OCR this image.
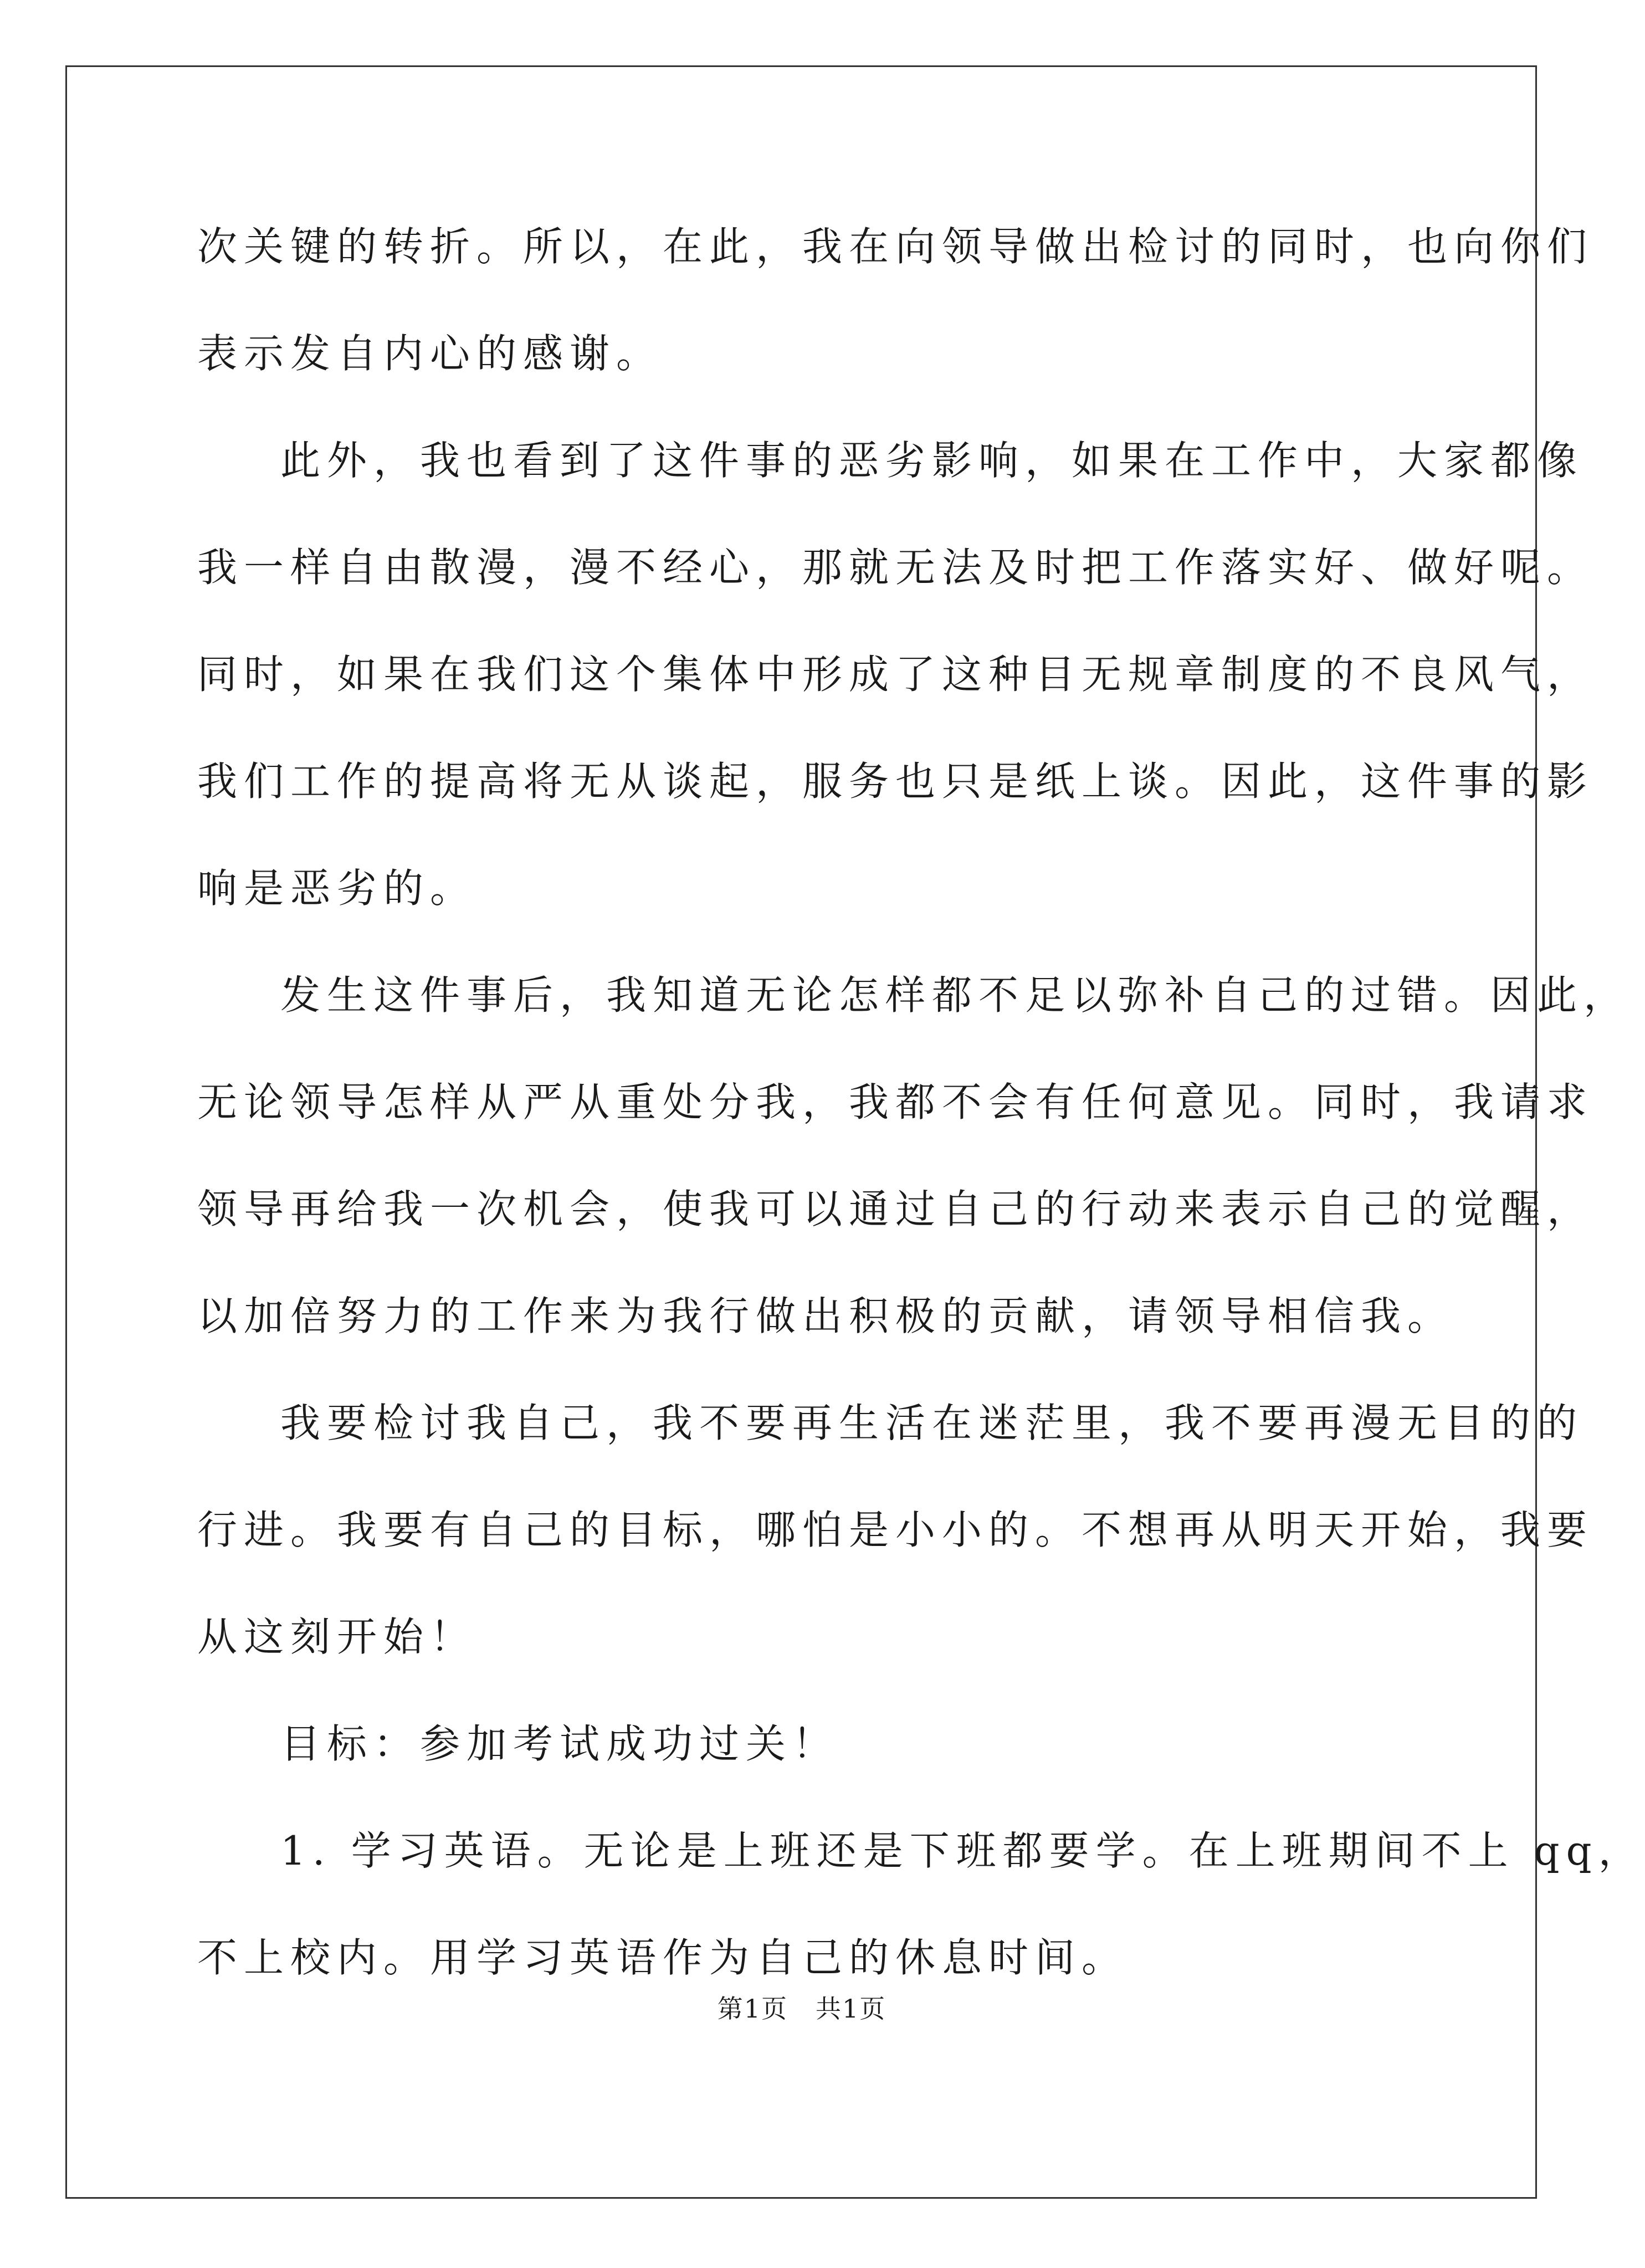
次关键的转折。所以，在此，我在向领导做出检讨的同时，也向你们
表示发自内心的感谢。
此外，我也看到了这件事的恶劣影响，如果在工作中，大家都像
我一样自由散漫，漫不经心，那就无法及时把工作落实好、做好呢。
同时，如果在我们这个集体中形成了这种目无规章制度的不良风气，
我们工作的提高将无从谈起，服务也只是纸上谈。因此，这件事的影
响是恶劣的。
发生这件事后，我知道无论怎样都不足以弥补自己的过错。因此，
无论领导怎样从严从重处分我，我都不会有任何意见。同时，我请求
领导再给我一次机会，使我可以通过自己的行动来表示自己的觉醒，
以加倍努力的工作来为我行做出积极的贡献，请领导相信我。
我要检讨我自己，我不要再生活在迷茫里，我不要再漫无目的的
行进。我要有自己的目标，哪怕是小小的。不想再从明天开始，我要
从这刻开始！
目标：参加考试成功过关！
1. 学习英语。无论是上班还是下班都要学。在上班期间不上 qq，
不上校内。用学习英语作为自己的休息时间。
第1页 共1页
